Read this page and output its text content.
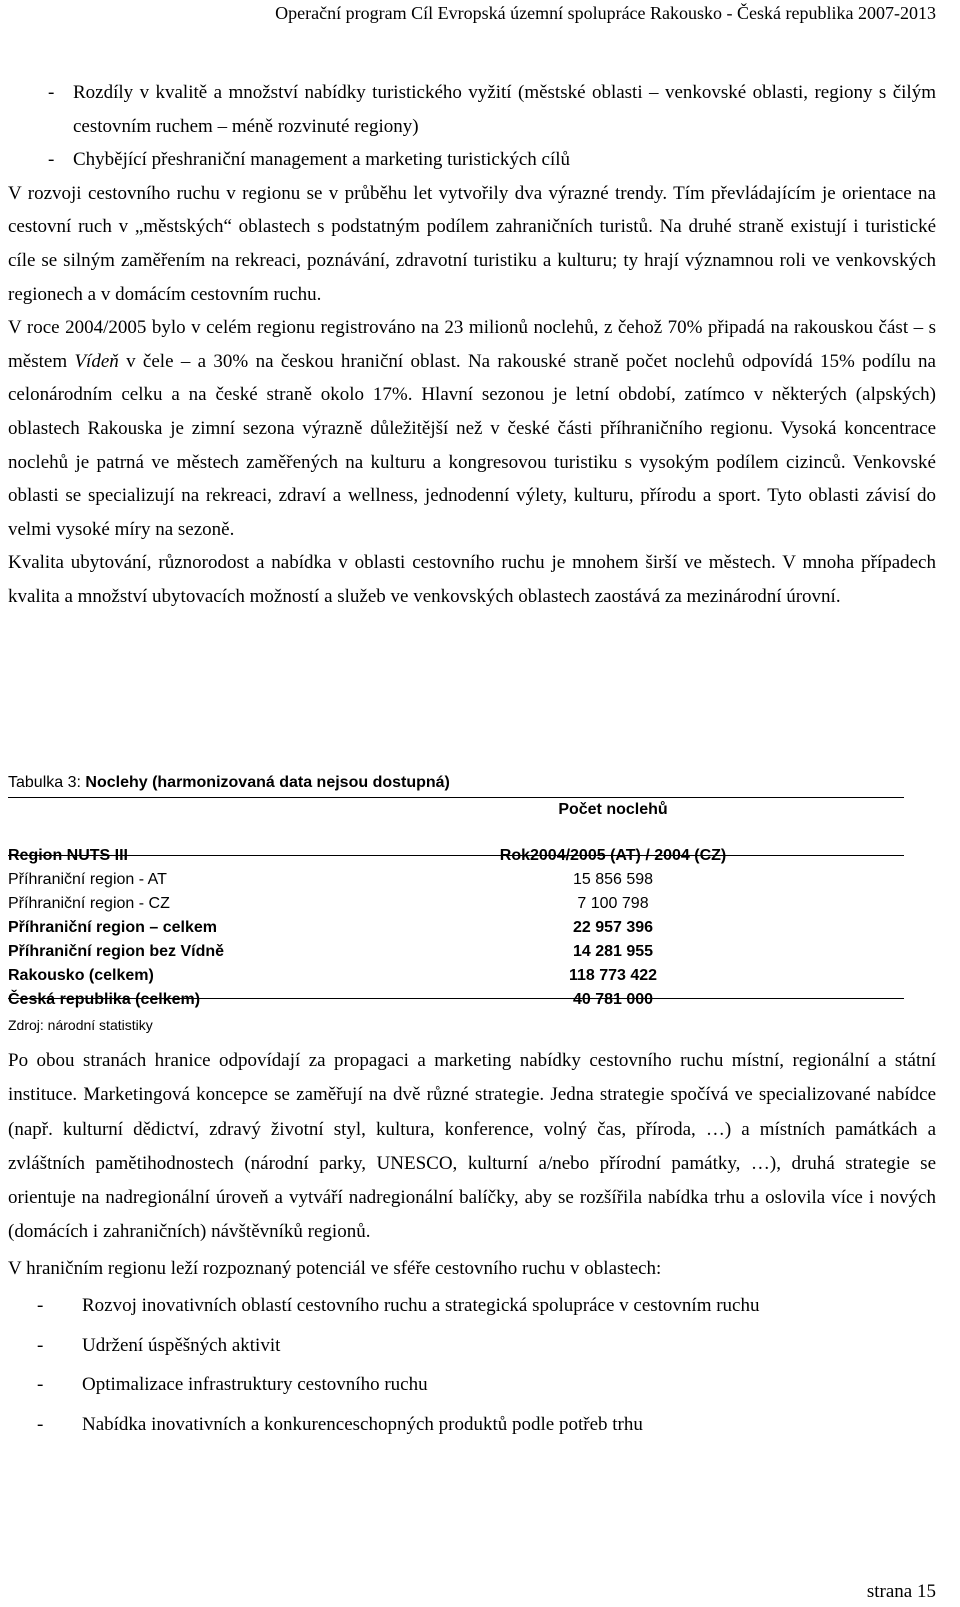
Operační program Cíl Evropská územní spolupráce Rakousko - Česká republika 2007-2013
- Rozdíly v kvalitě a množství nabídky turistického vyžití (městské oblasti – venkovské oblasti, regiony s čilým cestovním ruchem – méně rozvinuté regiony)
- Chybějící přeshraniční management a marketing turistických cílů

V rozvoji cestovního ruchu v regionu se v průběhu let vytvořily dva výrazné trendy. Tím převládajícím je orientace na cestovní ruch v „městských“ oblastech s podstatným podílem zahraničních turistů. Na druhé straně existují i turistické cíle se silným zaměřením na rekreaci, poznávání, zdravotní turistiku a kulturu; ty hrají významnou roli ve venkovských regionech a v domácím cestovním ruchu.

V roce 2004/2005 bylo v celém regionu registrováno na 23 milionů noclehů, z čehož 70% připadá na rakouskou část – s městem Vídeň v čele – a 30% na českou hraniční oblast. Na rakouské straně počet noclehů odpovídá 15% podílu na celonárodním celku a na české straně okolo 17%. Hlavní sezonou je letní období, zatímco v některých (alpských) oblastech Rakouska je zimní sezona výrazně důležitější než v české části příhraničního regionu. Vysoká koncentrace noclehů je patrná ve městech zaměřených na kulturu a kongresovou turistiku s vysokým podílem cizinců. Venkovské oblasti se specializují na rekreaci, zdraví a wellness, jednodenní výlety, kulturu, přírodu a sport. Tyto oblasti závisí do velmi vysoké míry na sezoně.

Kvalita ubytování, různorodost a nabídka v oblasti cestovního ruchu je mnohem širší ve městech. V mnoha případech kvalita a množství ubytovacích možností a služeb ve venkovských oblastech zaostává za mezinárodní úrovní.

Tabulka 3: Noclehy (harmonizovaná data nejsou dostupná)
Počet noclehů
Region NUTS III	Rok2004/2005 (AT) / 2004 (CZ)
Příhraniční region - AT	15 856 598
Příhraniční region - CZ	7 100 798
Příhraniční region – celkem	22 957 396
Příhraniční region bez Vídně	14 281 955
Rakousko (celkem)	118 773 422
Česká republika (celkem)	40 781 000
Zdroj: národní statistiky

Po obou stranách hranice odpovídají za propagaci a marketing nabídky cestovního ruchu místní, regionální a státní instituce. Marketingová koncepce se zaměřují na dvě různé strategie. Jedna strategie spočívá ve specializované nabídce (např. kulturní dědictví, zdravý životní styl, kultura, konference, volný čas, příroda, …) a místních památkách a zvláštních pamětihodnostech (národní parky, UNESCO, kulturní a/nebo přírodní památky, …), druhá strategie se orientuje na nadregionální úroveň a vytváří nadregionální balíčky, aby se rozšířila nabídka trhu a oslovila více i nových (domácích i zahraničních) návštěvníků regionů.

V hraničním regionu leží rozpoznaný potenciál ve sféře cestovního ruchu v oblastech:

-	Rozvoj inovativních oblastí cestovního ruchu a strategická spolupráce v cestovním ruchu
-	Udržení úspěšných aktivit
-	Optimalizace infrastruktury cestovního ruchu
-	Nabídka inovativních a konkurenceschopných produktů podle potřeb trhu
strana 15
